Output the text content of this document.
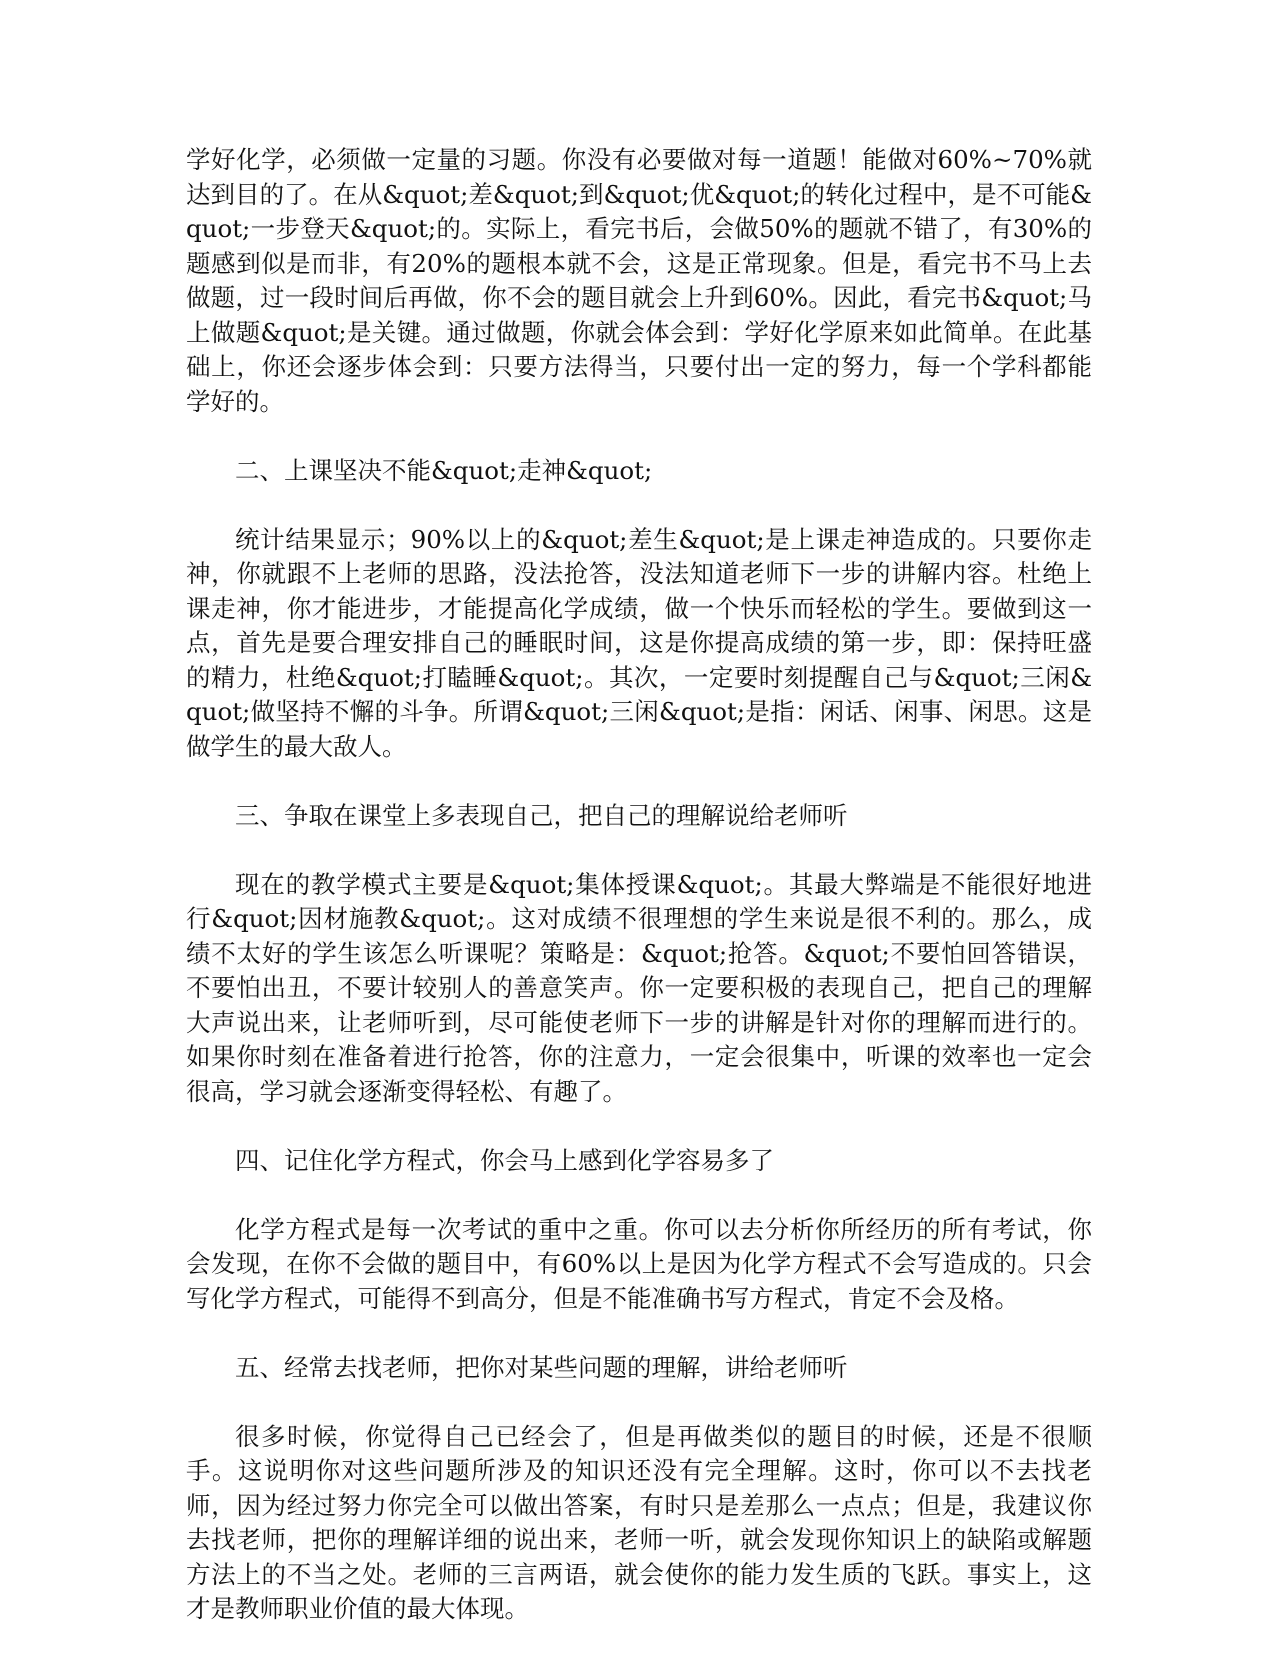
学好化学，必须做一定量的习题。你没有必要做对每一道题！能做对60%~70%就达到目的了。在从&quot;差&quot;到&quot;优&quot;的转化过程中，是不可能&quot;一步登天&quot;的。实际上，看完书后，会做50%的题就不错了，有30%的题感到似是而非，有20%的题根本就不会，这是正常现象。但是，看完书不马上去做题，过一段时间后再做，你不会的题目就会上升到60%。因此，看完书&quot;马上做题&quot;是关键。通过做题，你就会体会到：学好化学原来如此简单。在此基础上，你还会逐步体会到：只要方法得当，只要付出一定的努力，每一个学科都能学好的。

二、上课坚决不能&quot;走神&quot;

统计结果显示；90%以上的&quot;差生&quot;是上课走神造成的。只要你走神，你就跟不上老师的思路，没法抢答，没法知道老师下一步的讲解内容。杜绝上课走神，你才能进步，才能提高化学成绩，做一个快乐而轻松的学生。要做到这一点，首先是要合理安排自己的睡眠时间，这是你提高成绩的第一步，即：保持旺盛的精力，杜绝&quot;打瞌睡&quot;。其次，一定要时刻提醒自己与&quot;三闲&quot;做坚持不懈的斗争。所谓&quot;三闲&quot;是指：闲话、闲事、闲思。这是做学生的最大敌人。

三、争取在课堂上多表现自己，把自己的理解说给老师听

现在的教学模式主要是&quot;集体授课&quot;。其最大弊端是不能很好地进行&quot;因材施教&quot;。这对成绩不很理想的学生来说是很不利的。那么，成绩不太好的学生该怎么听课呢？策略是：&quot;抢答。&quot;不要怕回答错误，不要怕出丑，不要计较别人的善意笑声。你一定要积极的表现自己，把自己的理解大声说出来，让老师听到，尽可能使老师下一步的讲解是针对你的理解而进行的。如果你时刻在准备着进行抢答，你的注意力，一定会很集中，听课的效率也一定会很高，学习就会逐渐变得轻松、有趣了。

四、记住化学方程式，你会马上感到化学容易多了

化学方程式是每一次考试的重中之重。你可以去分析你所经历的所有考试，你会发现，在你不会做的题目中，有60%以上是因为化学方程式不会写造成的。只会写化学方程式，可能得不到高分，但是不能准确书写方程式，肯定不会及格。

五、经常去找老师，把你对某些问题的理解，讲给老师听

很多时候，你觉得自己已经会了，但是再做类似的题目的时候，还是不很顺手。这说明你对这些问题所涉及的知识还没有完全理解。这时，你可以不去找老师，因为经过努力你完全可以做出答案，有时只是差那么一点点；但是，我建议你去找老师，把你的理解详细的说出来，老师一听，就会发现你知识上的缺陷或解题方法上的不当之处。老师的三言两语，就会使你的能力发生质的飞跃。事实上，这才是教师职业价值的最大体现。
